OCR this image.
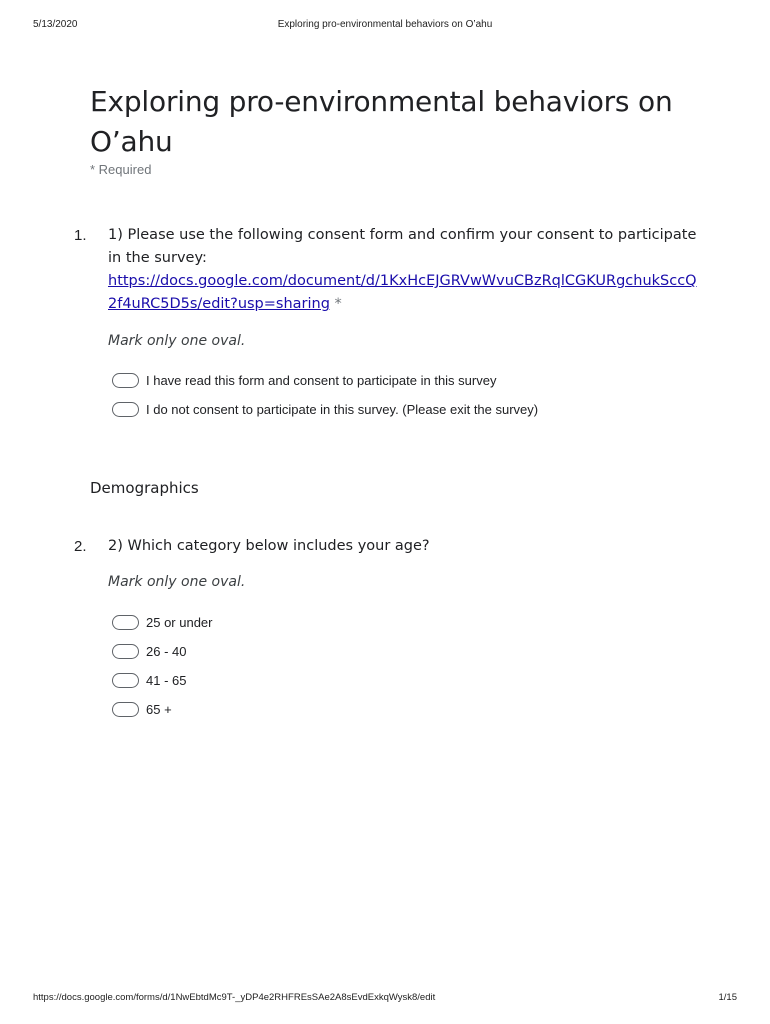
5/13/2020	Exploring pro-environmental behaviors on O’ahu
Exploring pro-environmental behaviors on O’ahu
* Required
1. 1) Please use the following consent form and confirm your consent to participate in the survey:
https://docs.google.com/document/d/1KxHcEJGRVwWvuCBzRqlCGKURgchukSccQ2f4uRC5D5s/edit?usp=sharing *
Mark only one oval.
I have read this form and consent to participate in this survey
I do not consent to participate in this survey. (Please exit the survey)
Demographics
2. 2) Which category below includes your age?
Mark only one oval.
25 or under
26 - 40
41 - 65
65 +
https://docs.google.com/forms/d/1NwEbtdMc9T-_yDP4e2RHFREsSAe2A8sEvdExkqWysk8/edit	1/15
